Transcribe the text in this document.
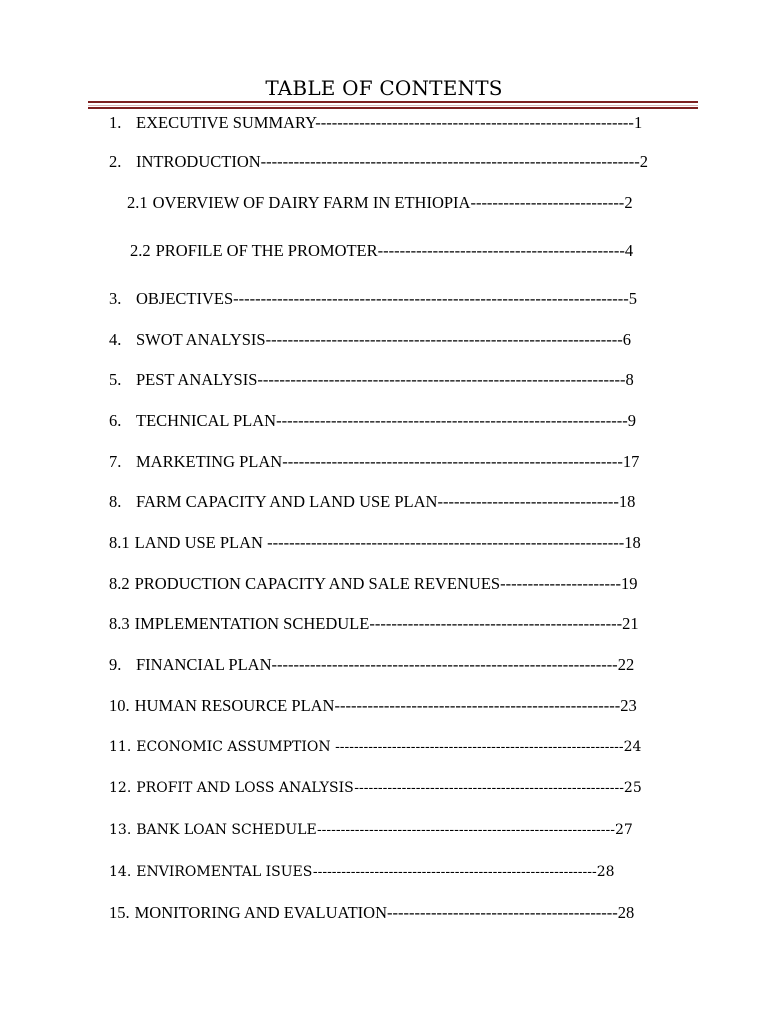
TABLE OF CONTENTS
1. EXECUTIVE SUMMARY----------------------------------------------------------1
2. INTRODUCTION---------------------------------------------------------------------2
2.1 OVERVIEW OF DAIRY FARM IN ETHIOPIA----------------------------2
2.2 PROFILE OF THE PROMOTER---------------------------------------------4
3. OBJECTIVES------------------------------------------------------------------------5
4. SWOT ANALYSIS-----------------------------------------------------------------6
5. PEST ANALYSIS-------------------------------------------------------------------8
6. TECHNICAL PLAN----------------------------------------------------------------9
7. MARKETING PLAN--------------------------------------------------------------17
8. FARM CAPACITY AND LAND USE PLAN---------------------------------18
8.1 LAND USE PLAN -----------------------------------------------------------------18
8.2 PRODUCTION CAPACITY AND SALE REVENUES----------------------19
8.3 IMPLEMENTATION SCHEDULE----------------------------------------------21
9. FINANCIAL PLAN---------------------------------------------------------------22
10. HUMAN RESOURCE PLAN----------------------------------------------------23
11. ECONOMIC ASSUMPTION -------------------------------------------------------------24
12. PROFIT AND LOSS ANALYSIS---------------------------------------------------------25
13. BANK LOAN SCHEDULE---------------------------------------------------------------27
14. ENVIROMENTAL ISUES------------------------------------------------------------28
15. MONITORING AND EVALUATION------------------------------------------28
